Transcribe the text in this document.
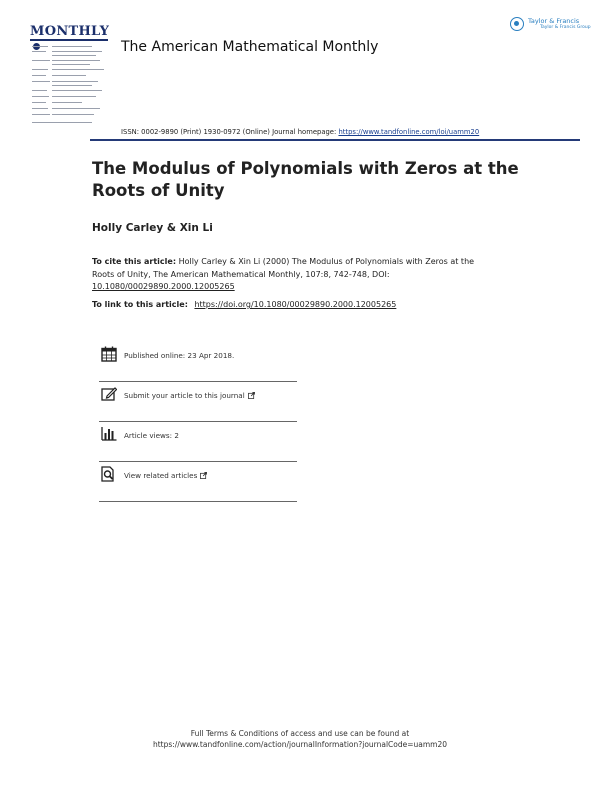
MONTHLY
The American Mathematical Monthly
Taylor & Francis
Taylor & Francis Group
ISSN: 0002-9890 (Print) 1930-0972 (Online) Journal homepage: https://www.tandfonline.com/loi/uamm20
The Modulus of Polynomials with Zeros at the Roots of Unity
Holly Carley & Xin Li
To cite this article: Holly Carley & Xin Li (2000) The Modulus of Polynomials with Zeros at the Roots of Unity, The American Mathematical Monthly, 107:8, 742-748, DOI: 10.1080/00029890.2000.12005265
To link to this article: https://doi.org/10.1080/00029890.2000.12005265
Published online: 23 Apr 2018.
Submit your article to this journal
Article views: 2
View related articles
Full Terms & Conditions of access and use can be found at
https://www.tandfonline.com/action/journalInformation?journalCode=uamm20
